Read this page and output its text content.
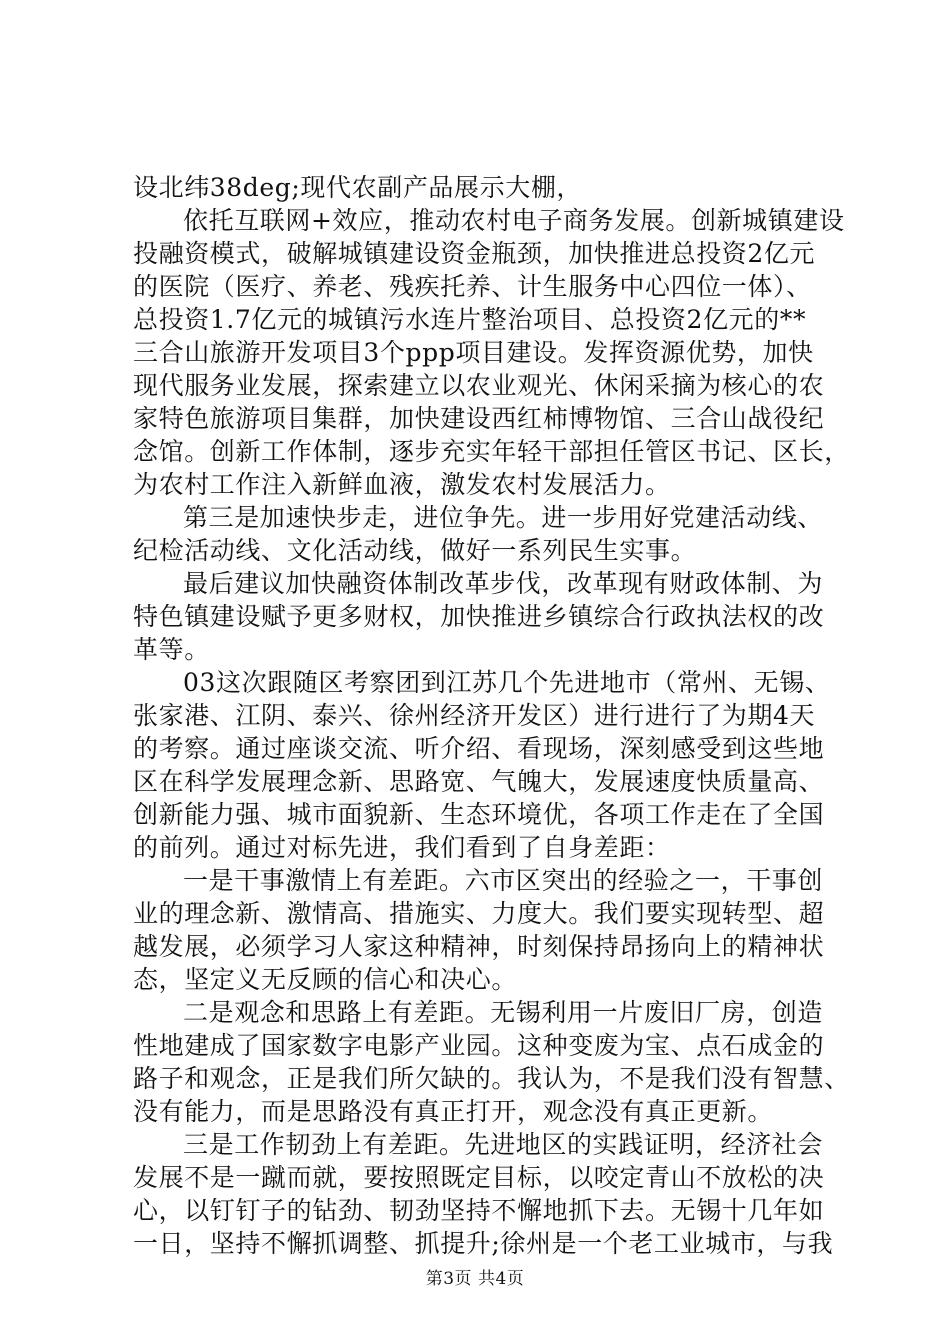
设北纬38deg;现代农副产品展示大棚，
依托互联网+效应，推动农村电子商务发展。创新城镇建设
投融资模式，破解城镇建设资金瓶颈，加快推进总投资2亿元
的医院（医疗、养老、残疾托养、计生服务中心四位一体）、
总投资1.7亿元的城镇污水连片整治项目、总投资2亿元的**
三合山旅游开发项目3个ppp项目建设。发挥资源优势，加快
现代服务业发展，探索建立以农业观光、休闲采摘为核心的农
家特色旅游项目集群，加快建设西红柿博物馆、三合山战役纪
念馆。创新工作体制，逐步充实年轻干部担任管区书记、区长，
为农村工作注入新鲜血液，激发农村发展活力。
第三是加速快步走，进位争先。进一步用好党建活动线、
纪检活动线、文化活动线，做好一系列民生实事。
最后建议加快融资体制改革步伐，改革现有财政体制、为
特色镇建设赋予更多财权，加快推进乡镇综合行政执法权的改
革等。
03这次跟随区考察团到江苏几个先进地市（常州、无锡、
张家港、江阴、泰兴、徐州经济开发区）进行进行了为期4天
的考察。通过座谈交流、听介绍、看现场，深刻感受到这些地
区在科学发展理念新、思路宽、气魄大，发展速度快质量高、
创新能力强、城市面貌新、生态环境优，各项工作走在了全国
的前列。通过对标先进，我们看到了自身差距：
一是干事激情上有差距。六市区突出的经验之一，干事创
业的理念新、激情高、措施实、力度大。我们要实现转型、超
越发展，必须学习人家这种精神，时刻保持昂扬向上的精神状
态，坚定义无反顾的信心和决心。
二是观念和思路上有差距。无锡利用一片废旧厂房，创造
性地建成了国家数字电影产业园。这种变废为宝、点石成金的
路子和观念，正是我们所欠缺的。我认为，不是我们没有智慧、
没有能力，而是思路没有真正打开，观念没有真正更新。
三是工作韧劲上有差距。先进地区的实践证明，经济社会
发展不是一蹴而就，要按照既定目标，以咬定青山不放松的决
心，以钉钉子的钻劲、韧劲坚持不懈地抓下去。无锡十几年如
一日，坚持不懈抓调整、抓提升;徐州是一个老工业城市，与我
第3页 共4页
